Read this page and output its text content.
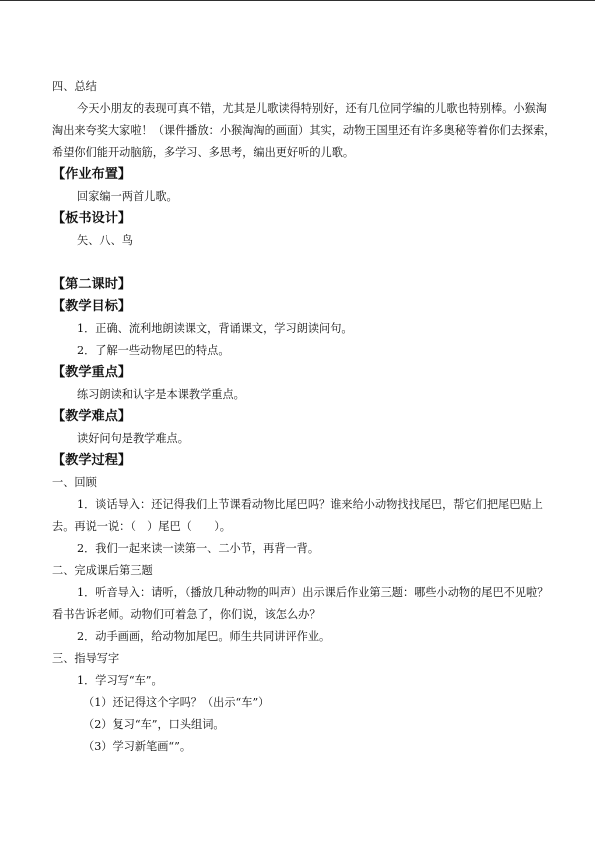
四、总结

今天小朋友的表现可真不错，尤其是儿歌读得特别好，还有几位同学编的儿歌也特别棒。小猴淘淘出来夸奖大家啦！（课件播放：小猴淘淘的画面）其实，动物王国里还有许多奥秘等着你们去探索，希望你们能开动脑筋，多学习、多思考，编出更好听的儿歌。

【作业布置】

回家编一两首儿歌。

【板书设计】

矢、八、鸟

【第二课时】

【教学目标】

1．正确、流利地朗读课文，背诵课文，学习朗读问句。

2．了解一些动物尾巴的特点。

【教学重点】

练习朗读和认字是本课教学重点。

【教学难点】

读好问句是教学难点。

【教学过程】

一、回顾

1．谈话导入：还记得我们上节课看动物比尾巴吗？谁来给小动物找找尾巴，帮它们把尾巴贴上去。再说一说：（　）尾巴（　　）。

2．我们一起来读一读第一、二小节，再背一背。

二、完成课后第三题

1．听音导入：请听，（播放几种动物的叫声）出示课后作业第三题：哪些小动物的尾巴不见啦？看书告诉老师。动物们可着急了，你们说，该怎么办？

2．动手画画，给动物加尾巴。师生共同讲评作业。

三、指导写字

1．学习写“车”。

（1）还记得这个字吗？（出示“车”）

（2）复习“车”，口头组词。

（3）学习新笔画“”。
